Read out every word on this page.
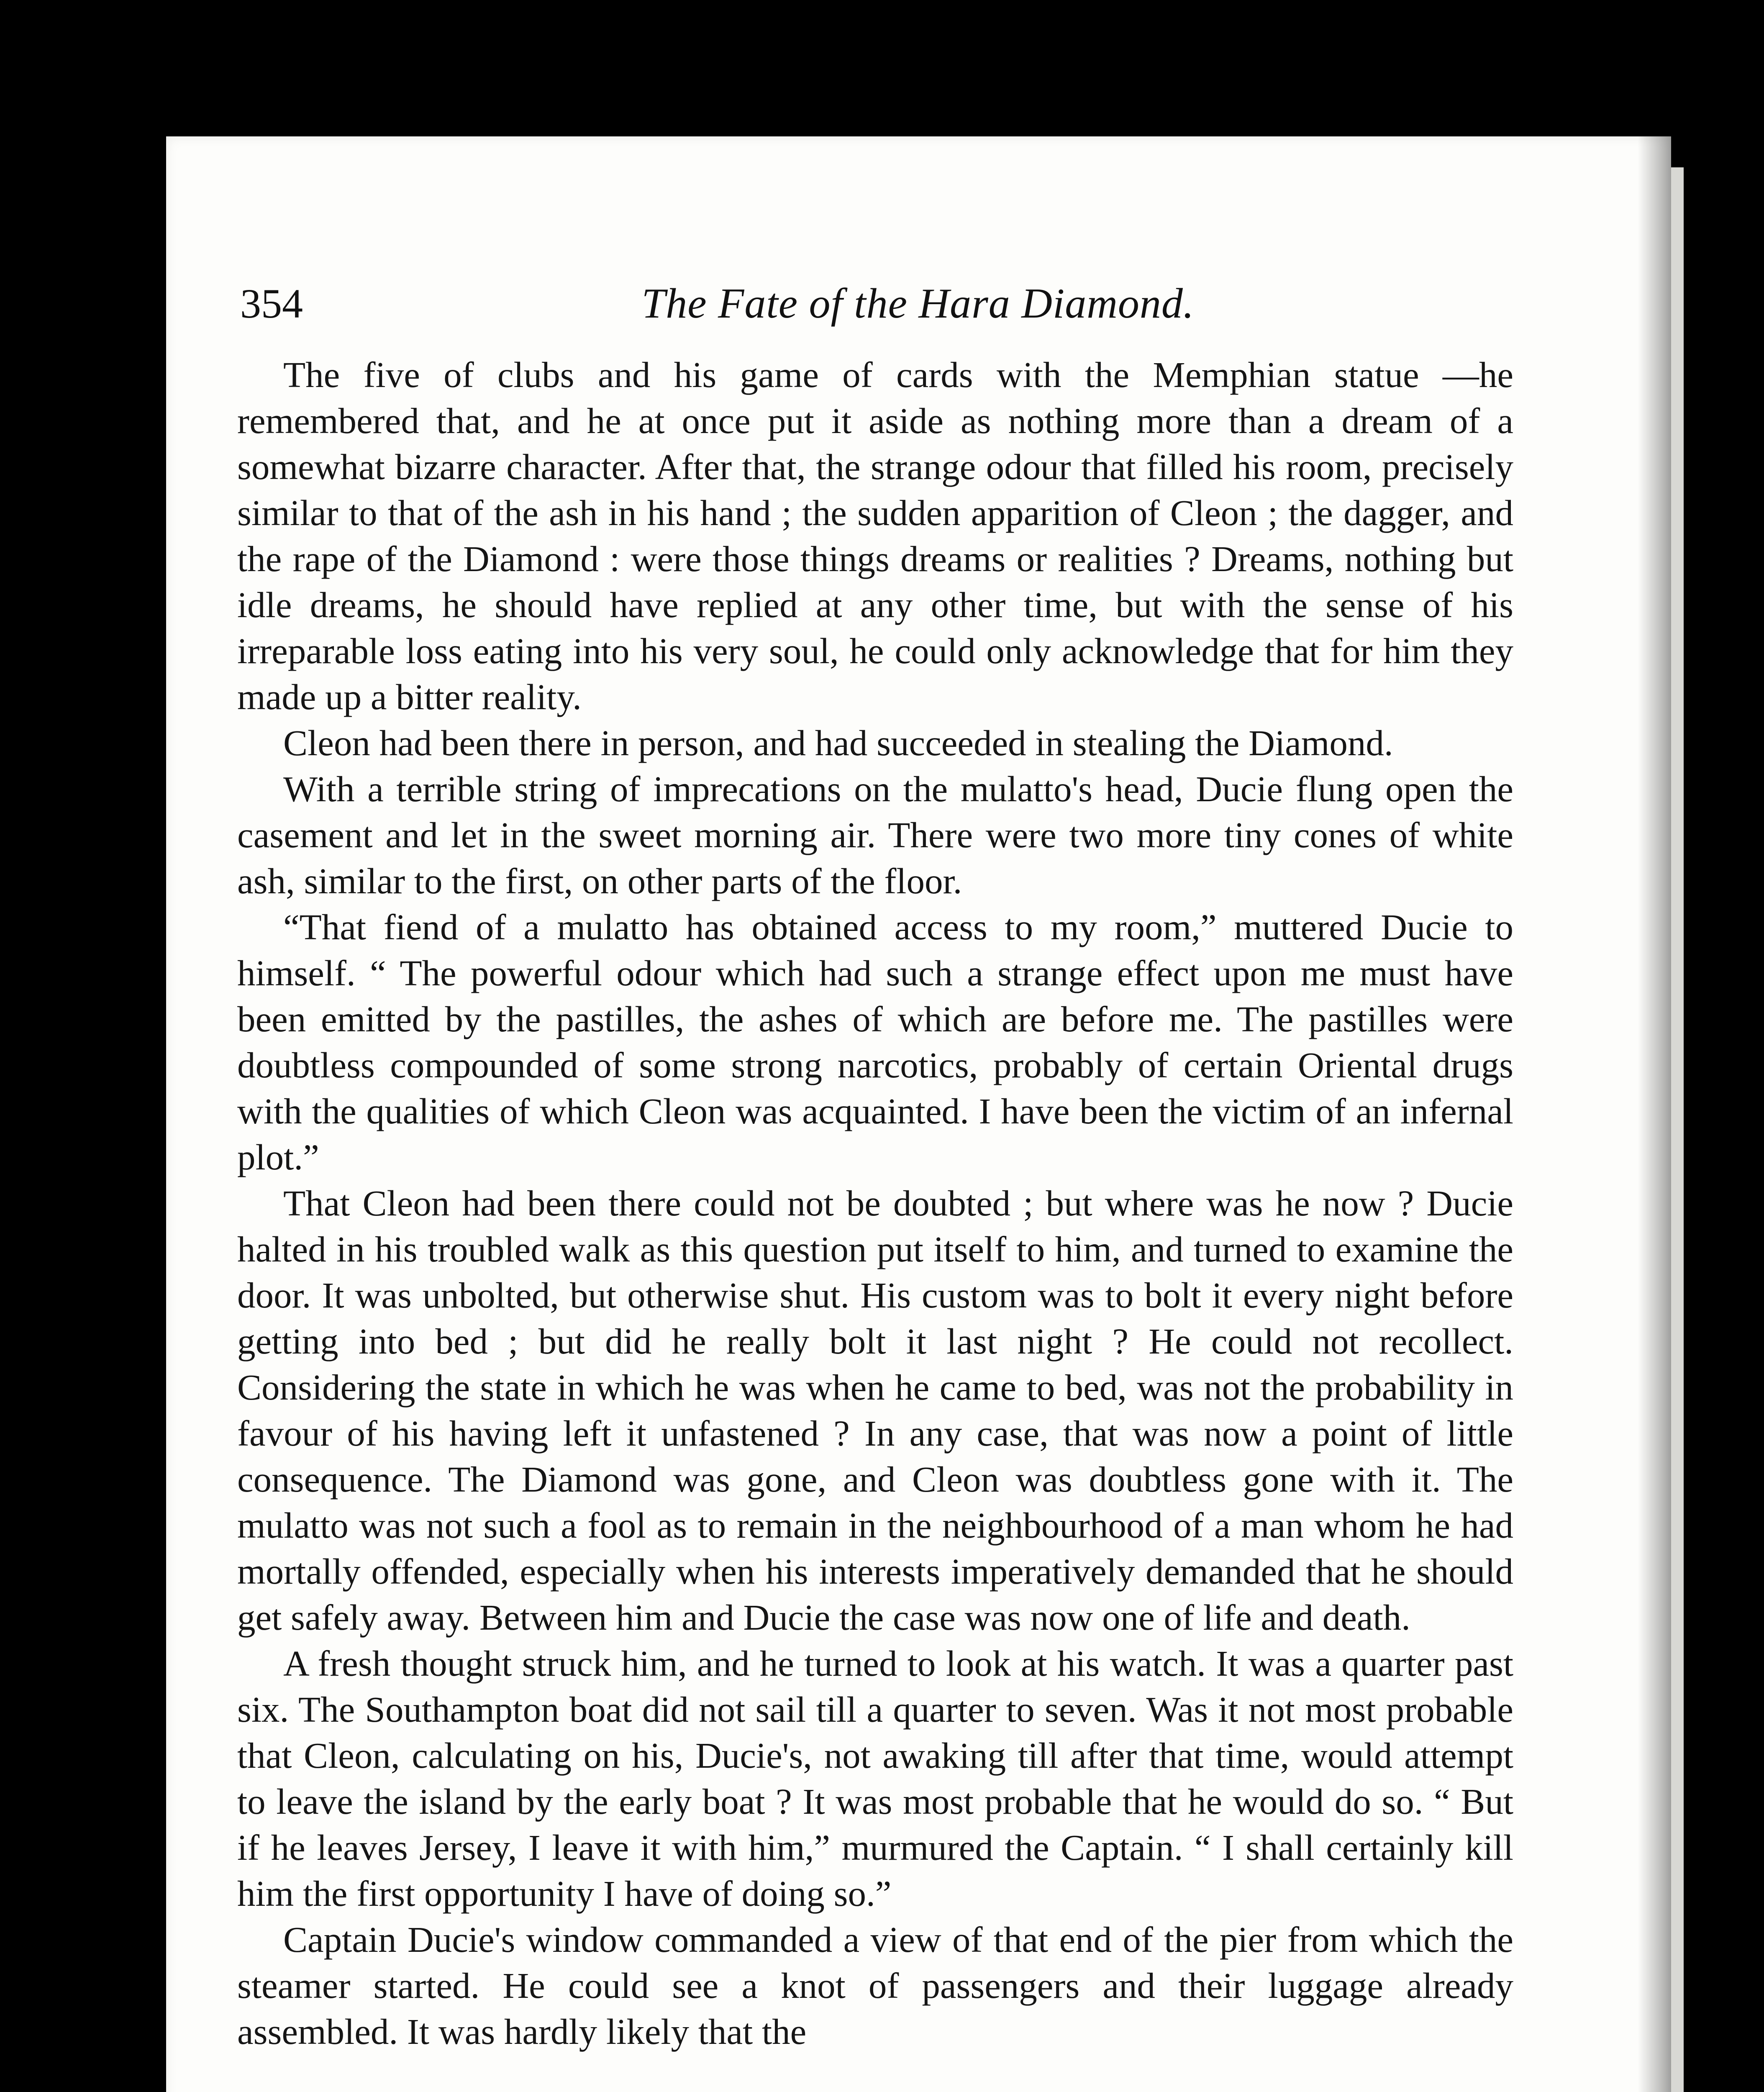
354	The Fate of the Hara Diamond.

The five of clubs and his game of cards with the Memphian statue —he remembered that, and he at once put it aside as nothing more than a dream of a somewhat bizarre character. After that, the strange odour that filled his room, precisely similar to that of the ash in his hand ; the sudden apparition of Cleon ; the dagger, and the rape of the Diamond : were those things dreams or realities ? Dreams, nothing but idle dreams, he should have replied at any other time, but with the sense of his irreparable loss eating into his very soul, he could only acknowledge that for him they made up a bitter reality.

Cleon had been there in person, and had succeeded in stealing the Diamond.

With a terrible string of imprecations on the mulatto's head, Ducie flung open the casement and let in the sweet morning air. There were two more tiny cones of white ash, similar to the first, on other parts of the floor.

“That fiend of a mulatto has obtained access to my room,” muttered Ducie to himself. “ The powerful odour which had such a strange effect upon me must have been emitted by the pastilles, the ashes of which are before me. The pastilles were doubtless compounded of some strong narcotics, probably of certain Oriental drugs with the qualities of which Cleon was acquainted. I have been the victim of an infernal plot.”

That Cleon had been there could not be doubted ; but where was he now ? Ducie halted in his troubled walk as this question put itself to him, and turned to examine the door. It was unbolted, but otherwise shut. His custom was to bolt it every night before getting into bed ; but did he really bolt it last night ? He could not recollect. Considering the state in which he was when he came to bed, was not the probability in favour of his having left it unfastened ? In any case, that was now a point of little consequence. The Diamond was gone, and Cleon was doubtless gone with it. The mulatto was not such a fool as to remain in the neighbourhood of a man whom he had mortally offended, especially when his interests imperatively demanded that he should get safely away. Between him and Ducie the case was now one of life and death.

A fresh thought struck him, and he turned to look at his watch. It was a quarter past six. The Southampton boat did not sail till a quarter to seven. Was it not most probable that Cleon, calculating on his, Ducie's, not awaking till after that time, would attempt to leave the island by the early boat ? It was most probable that he would do so. “ But if he leaves Jersey, I leave it with him,” murmured the Captain. “ I shall certainly kill him the first opportunity I have of doing so.”

Captain Ducie's window commanded a view of that end of the pier from which the steamer started. He could see a knot of passengers and their luggage already assembled. It was hardly likely that the
